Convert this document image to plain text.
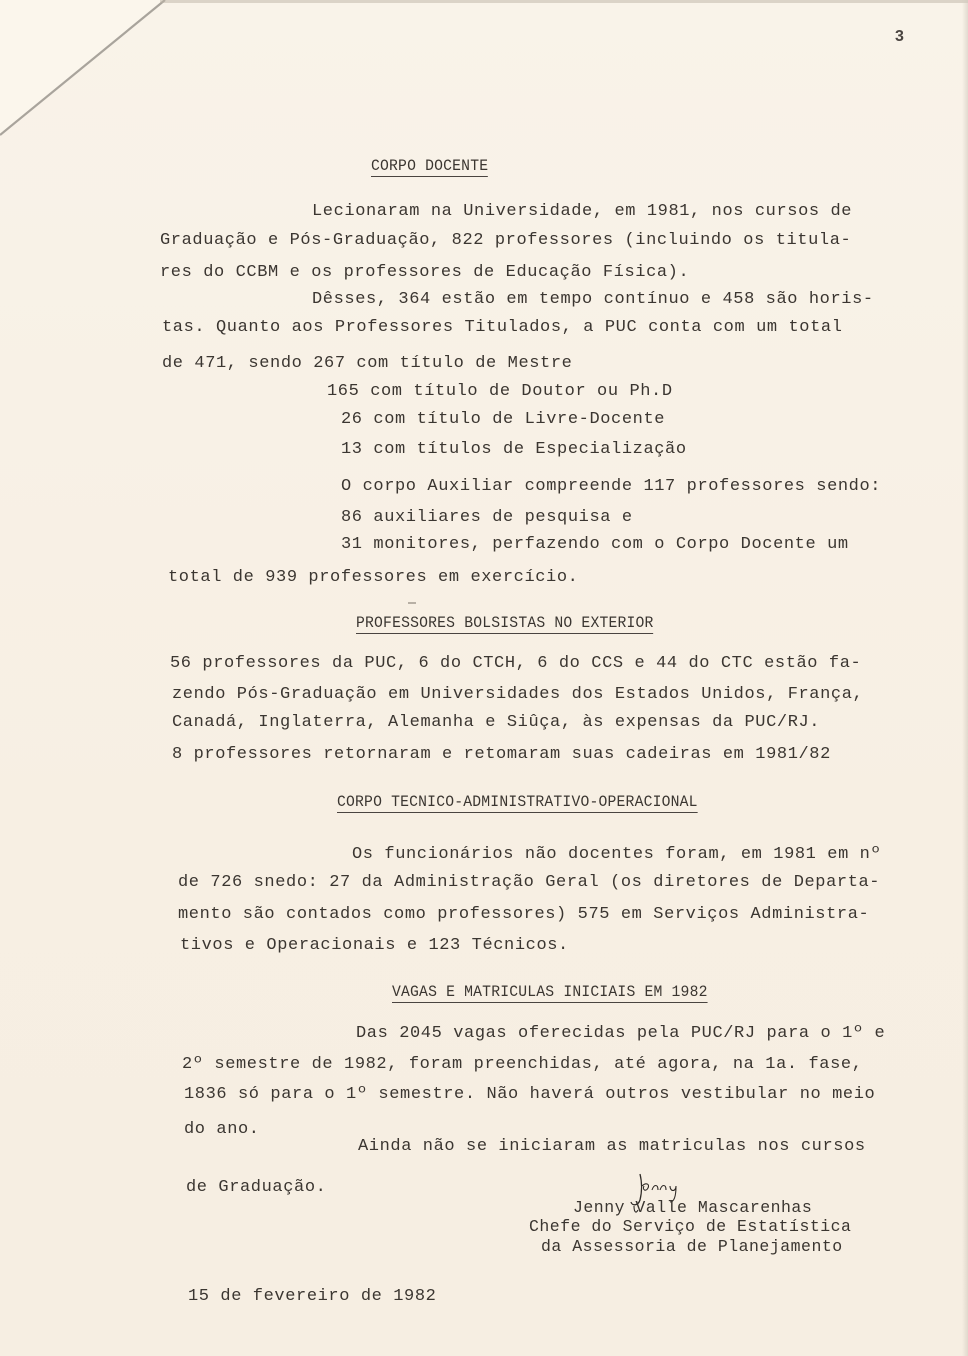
3
CORPO DOCENTE
Lecionaram na Universidade, em 1981, nos cursos de
Graduação e Pós-Graduação, 822 professores (incluindo os titula-
res do CCBM e os professores de Educação Física).
Dêsses, 364 estão em tempo contínuo e 458 são horis-
tas. Quanto aos Professores Titulados, a PUC conta com um total
de 471, sendo 267 com título de Mestre
165 com título de Doutor ou Ph.D
26 com título de Livre-Docente
13 com títulos de Especialização
O corpo Auxiliar compreende 117 professores sendo:
86 auxiliares de pesquisa e
31 monitores, perfazendo com o Corpo Docente um
total de 939 professores em exercício.
PROFESSORES BOLSISTAS NO EXTERIOR
56 professores da PUC, 6 do CTCH, 6 do CCS e 44 do CTC estão fa-
zendo Pós-Graduação em Universidades dos Estados Unidos, França,
Canadá, Inglaterra, Alemanha e Siûça, às expensas da PUC/RJ.
8 professores retornaram e retomaram suas cadeiras em 1981/82
CORPO TECNICO-ADMINISTRATIVO-OPERACIONAL
Os funcionários não docentes foram, em 1981 em nº
de 726 snedo: 27 da Administração Geral (os diretores de Departa-
mento são contados como professores) 575 em Serviços Administra-
tivos e Operacionais e 123 Técnicos.
VAGAS E MATRICULAS INICIAIS EM 1982
Das 2045 vagas oferecidas pela PUC/RJ para o 1º e
2º semestre de 1982, foram preenchidas, até agora, na 1a. fase,
1836 só para o 1º semestre. Não haverá outros vestibular no meio
do ano.
Ainda não se iniciaram as matriculas nos cursos
de Graduação.
Jenny Valle Mascarenhas
Chefe do Serviço de Estatística
da Assessoria de Planejamento
15 de fevereiro de 1982
